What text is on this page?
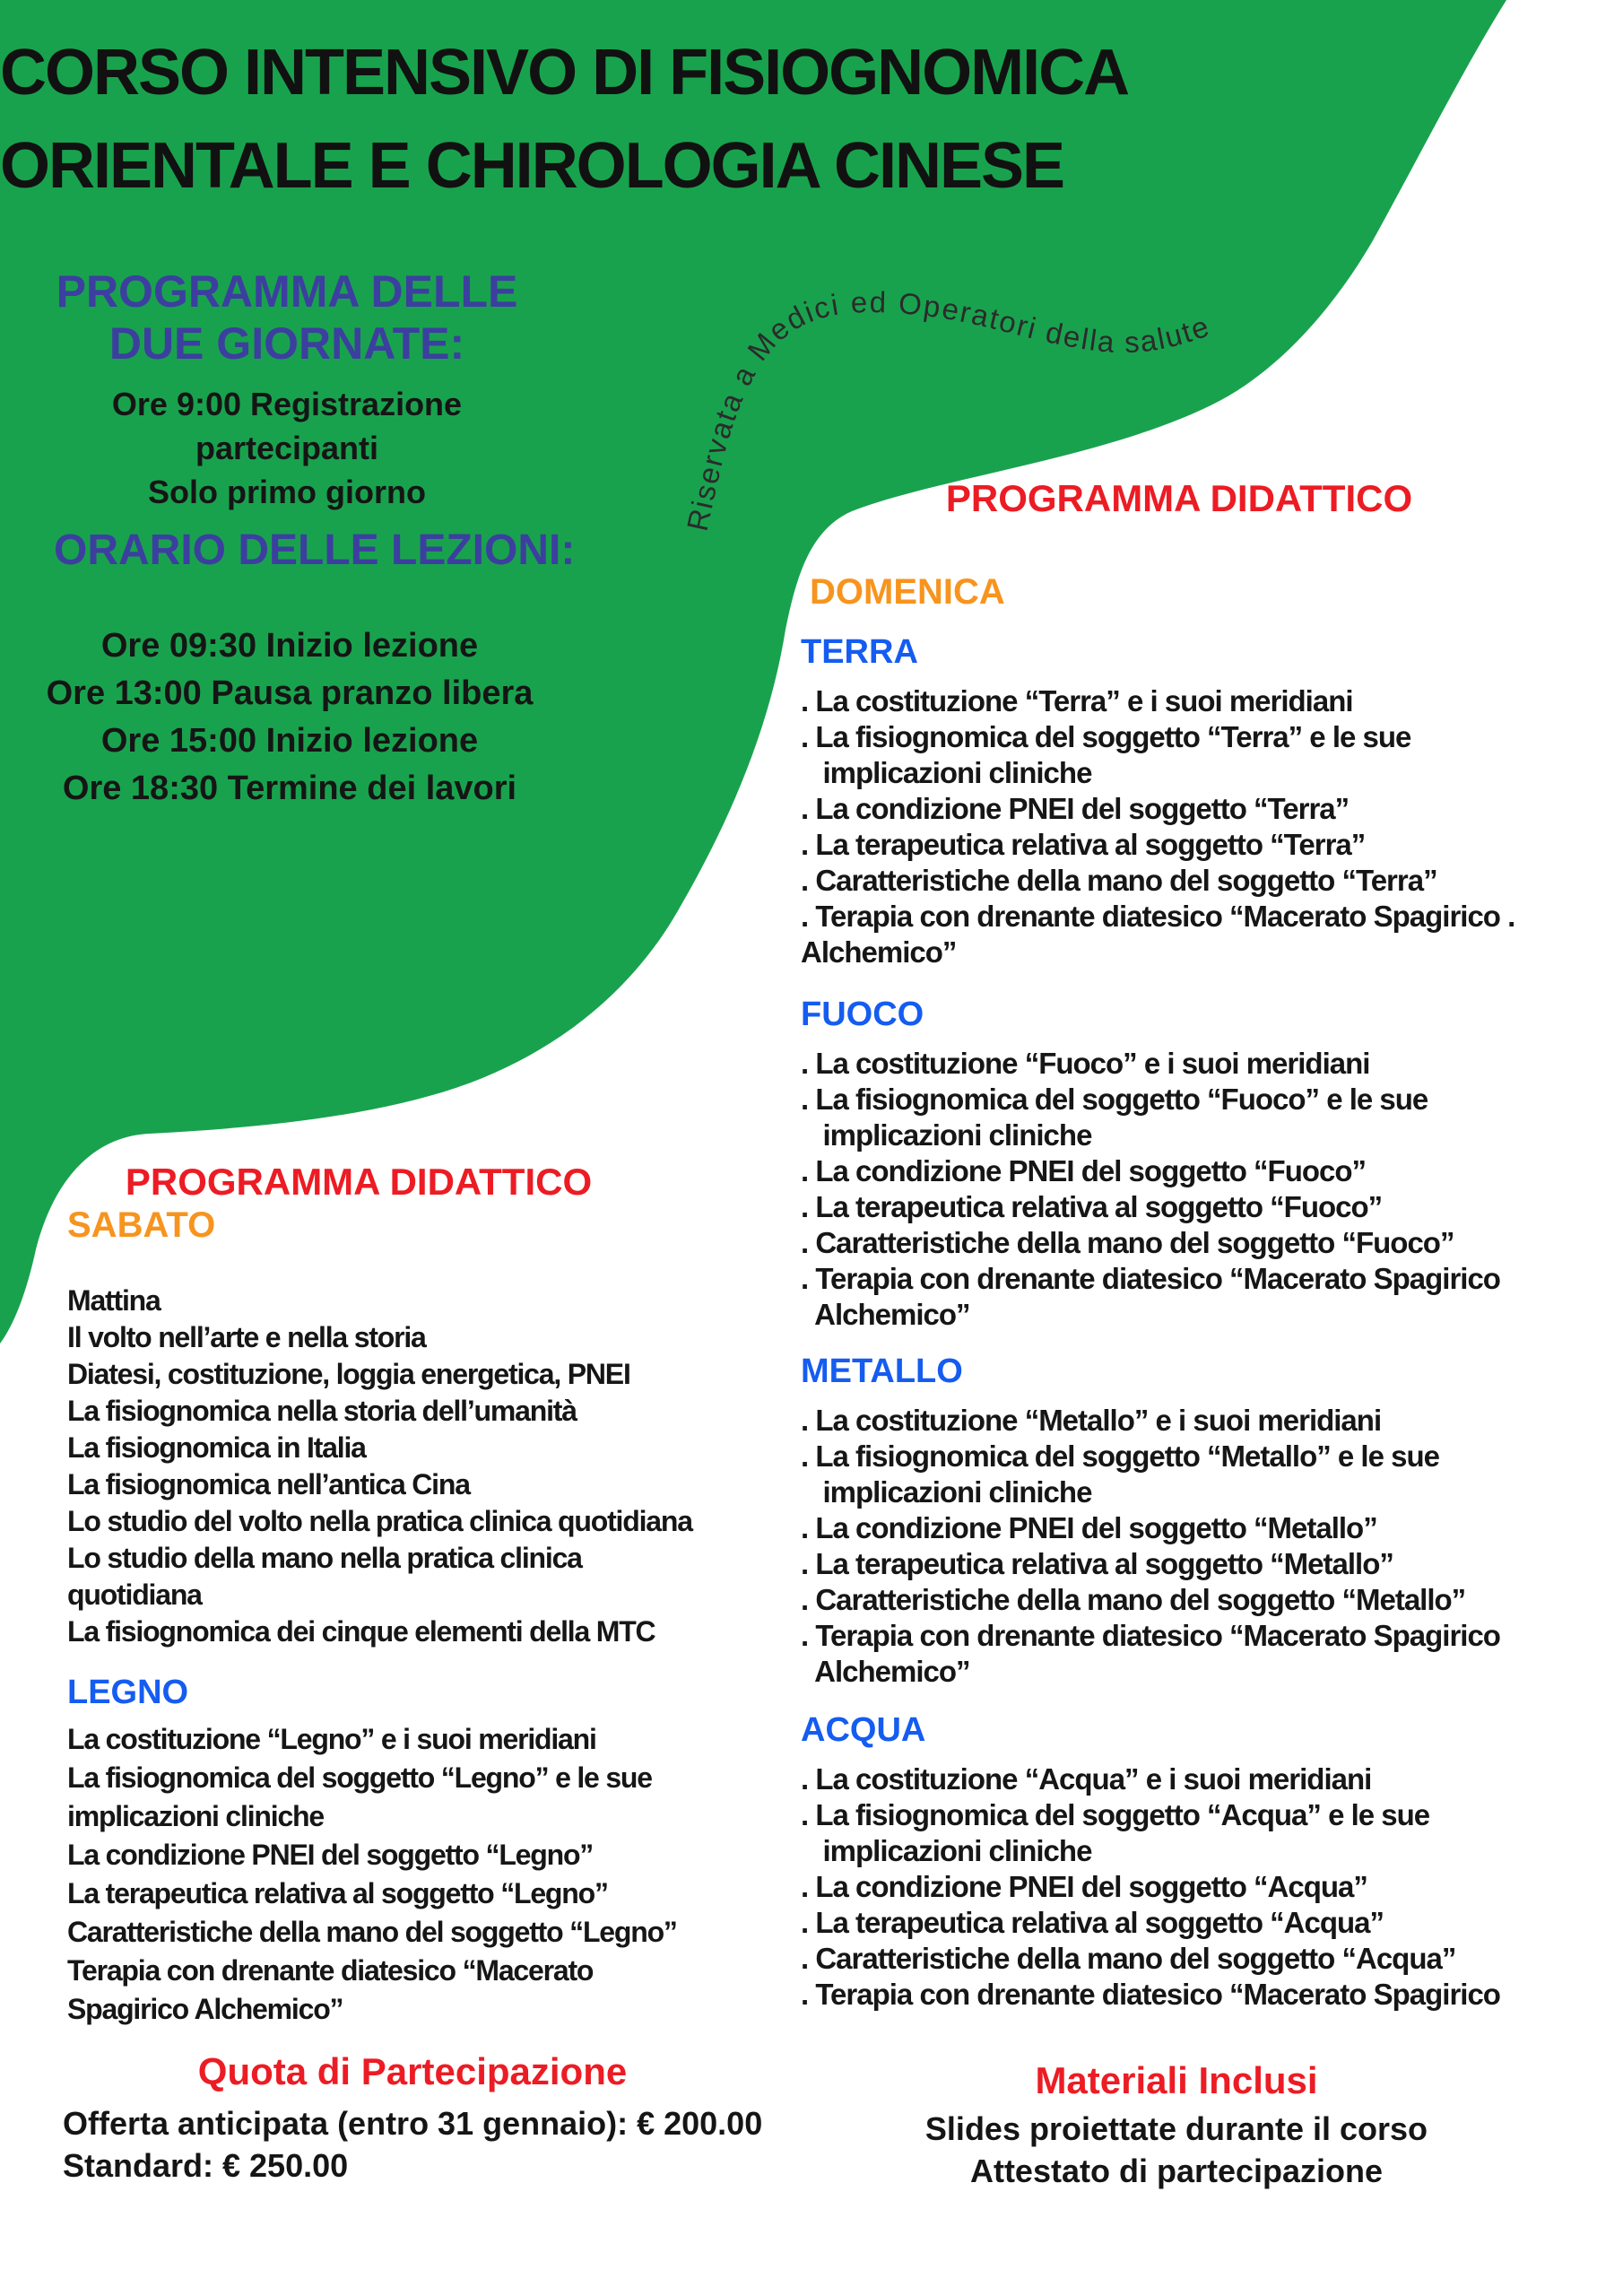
Riservata a Medici ed Operatori della salute
CORSO INTENSIVO DI FISIOGNOMICA
ORIENTALE E CHIROLOGIA CINESE
PROGRAMMA DELLE
DUE GIORNATE:
Ore 9:00 Registrazione partecipanti
Solo primo giorno
ORARIO DELLE LEZIONI:
Ore 09:30 Inizio lezione
Ore 13:00 Pausa pranzo libera
Ore 15:00 Inizio lezione
Ore 18:30 Termine dei lavori
PROGRAMMA DIDATTICO
DOMENICA
TERRA
. La costituzione “Terra” e i suoi meridiani
. La fisiognomica del soggetto “Terra” e le sue
implicazioni cliniche
. La condizione PNEI del soggetto “Terra”
. La terapeutica relativa al soggetto “Terra”
. Caratteristiche della mano del soggetto “Terra”
. Terapia con drenante diatesico “Macerato Spagirico .
Alchemico”
FUOCO
. La costituzione “Fuoco” e i suoi meridiani
. La fisiognomica del soggetto “Fuoco” e le sue
implicazioni cliniche
. La condizione PNEI del soggetto “Fuoco”
. La terapeutica relativa al soggetto “Fuoco”
. Caratteristiche della mano del soggetto “Fuoco”
. Terapia con drenante diatesico “Macerato Spagirico
Alchemico”
METALLO
. La costituzione “Metallo” e i suoi meridiani
. La fisiognomica del soggetto “Metallo” e le sue
implicazioni cliniche
. La condizione PNEI del soggetto “Metallo”
. La terapeutica relativa al soggetto “Metallo”
. Caratteristiche della mano del soggetto “Metallo”
. Terapia con drenante diatesico “Macerato Spagirico
Alchemico”
ACQUA
. La costituzione “Acqua” e i suoi meridiani
. La fisiognomica del soggetto “Acqua” e le sue
implicazioni cliniche
. La condizione PNEI del soggetto “Acqua”
. La terapeutica relativa al soggetto “Acqua”
. Caratteristiche della mano del soggetto “Acqua”
. Terapia con drenante diatesico “Macerato Spagirico
PROGRAMMA DIDATTICO
SABATO
Mattina
Il volto nell’arte e nella storia
Diatesi, costituzione, loggia energetica, PNEI
La fisiognomica nella storia dell’umanità
La fisiognomica in Italia
La fisiognomica nell’antica Cina
Lo studio del volto nella pratica clinica quotidiana
Lo studio della mano nella pratica clinica
quotidiana
La fisiognomica dei cinque elementi della MTC
LEGNO
La costituzione “Legno” e i suoi meridiani
La fisiognomica del soggetto “Legno” e le sue
implicazioni cliniche
La condizione PNEI del soggetto “Legno”
La terapeutica relativa al soggetto “Legno”
Caratteristiche della mano del soggetto “Legno”
Terapia con drenante diatesico “Macerato
Spagirico Alchemico”
Quota di Partecipazione
Offerta anticipata (entro 31 gennaio): € 200.00
Standard: € 250.00
Materiali Inclusi
Slides proiettate durante il corso
Attestato di partecipazione
